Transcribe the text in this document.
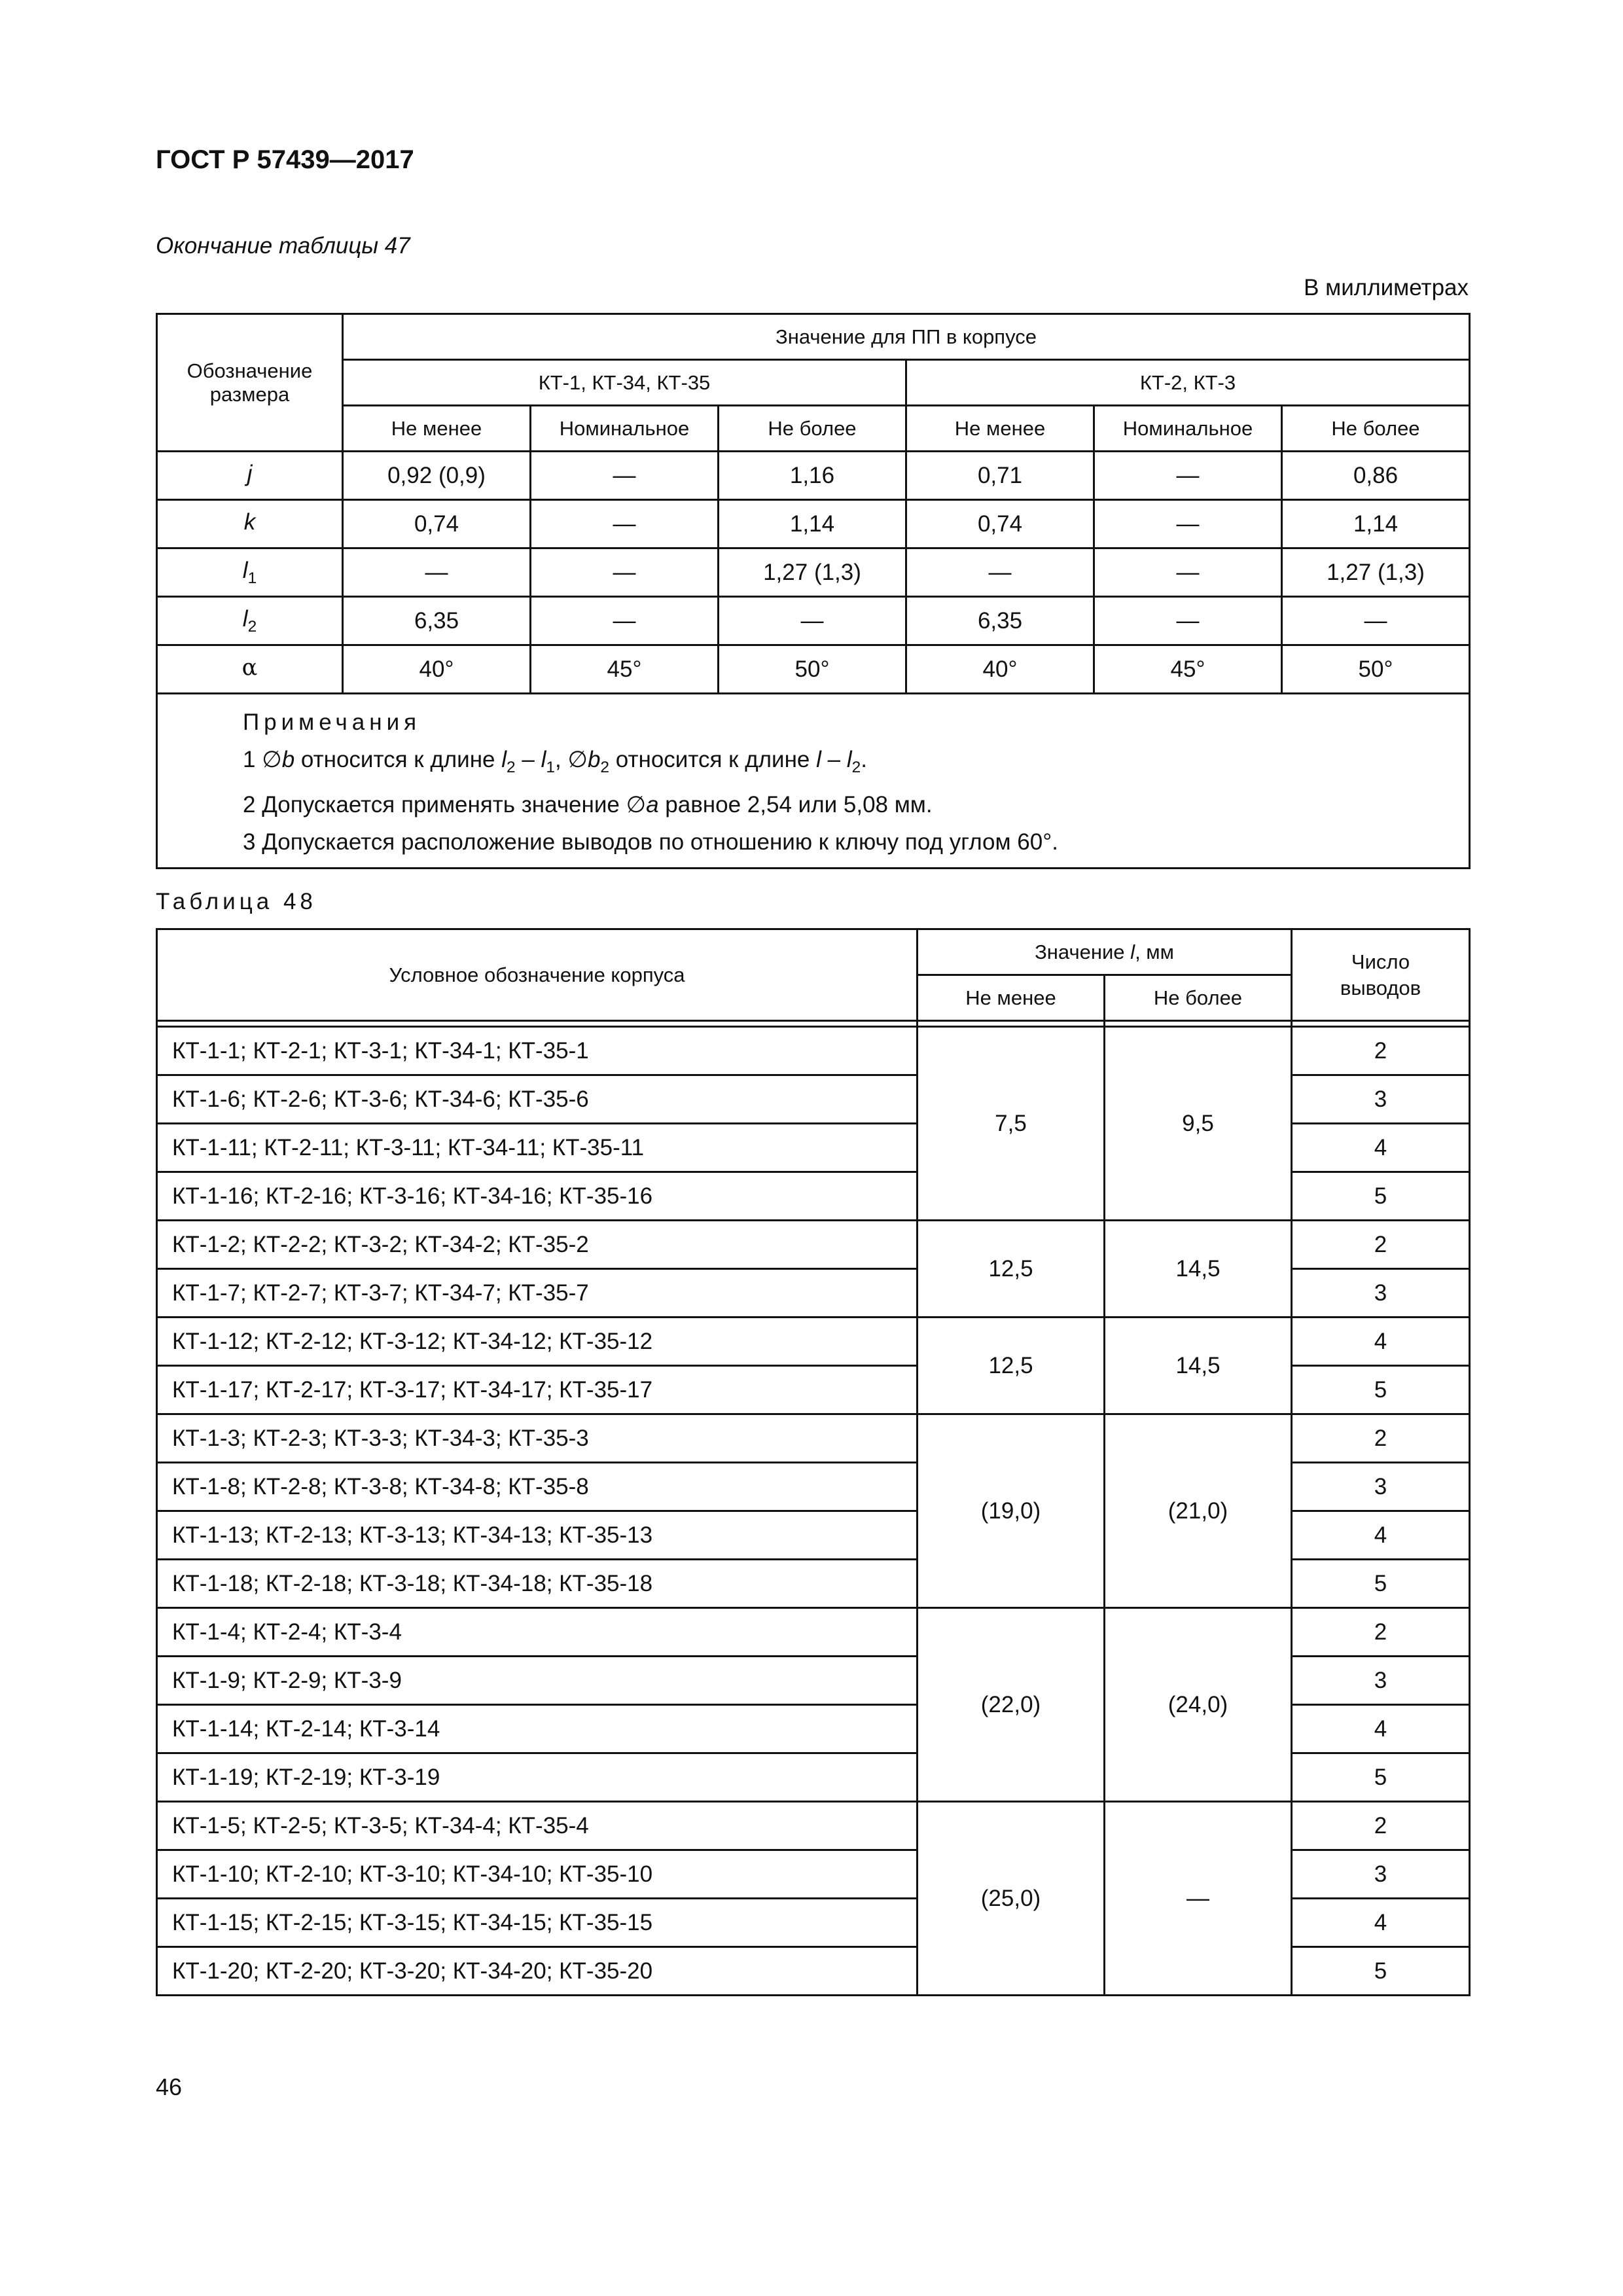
ГОСТ Р 57439—2017
Окончание таблицы 47
В миллиметрах
Обозначение размера	Значение для ПП в корпусе					
	КТ-1, КТ-34, КТ-35			КТ-2, КТ-3		
	Не менее	Номинальное	Не более	Не менее	Номинальное	Не более
j	0,92 (0,9)	—	1,16	0,71	—	0,86
k	0,74	—	1,14	0,74	—	1,14
$l_1$	—	—	1,27 (1,3)	—	—	1,27 (1,3)
$l_2$	6,35	—	—	6,35	—	—
α	40°	45°	50°	40°	45°	50°

Примечания
1 ∅b относится к длине $l_2 - l_1$, $\emptyset b_2$ относится к длине l – $l_2$.
2 Допускается применять значение ∅a равное 2,54 или 5,08 мм.
3 Допускается расположение выводов по отношению к ключу под углом 60°.						
Таблица 48
Условное обозначение корпуса	Значение l, мм		Число выводов
	Не менее	Не более	

КТ-1-1; КТ-2-1; КТ-3-1; КТ-34-1; КТ-35-1	7,5	9,5	2
КТ-1-6; КТ-2-6; КТ-3-6; КТ-34-6; КТ-35-6			3
КТ-1-11; КТ-2-11; КТ-3-11; КТ-34-11; КТ-35-11			4
КТ-1-16; КТ-2-16; КТ-3-16; КТ-34-16; КТ-35-16			5
КТ-1-2; КТ-2-2; КТ-3-2; КТ-34-2; КТ-35-2	12,5	14,5	2
КТ-1-7; КТ-2-7; КТ-3-7; КТ-34-7; КТ-35-7			3
КТ-1-12; КТ-2-12; КТ-3-12; КТ-34-12; КТ-35-12	12,5	14,5	4
КТ-1-17; КТ-2-17; КТ-3-17; КТ-34-17; КТ-35-17			5
КТ-1-3; КТ-2-3; КТ-3-3; КТ-34-3; КТ-35-3	(19,0)	(21,0)	2
КТ-1-8; КТ-2-8; КТ-3-8; КТ-34-8; КТ-35-8			3
КТ-1-13; КТ-2-13; КТ-3-13; КТ-34-13; КТ-35-13			4
КТ-1-18; КТ-2-18; КТ-3-18; КТ-34-18; КТ-35-18			5
КТ-1-4; КТ-2-4; КТ-3-4	(22,0)	(24,0)	2
КТ-1-9; КТ-2-9; КТ-3-9			3
КТ-1-14; КТ-2-14; КТ-3-14			4
КТ-1-19; КТ-2-19; КТ-3-19			5
КТ-1-5; КТ-2-5; КТ-3-5; КТ-34-4; КТ-35-4	(25,0)	—	2
КТ-1-10; КТ-2-10; КТ-3-10; КТ-34-10; КТ-35-10			3
КТ-1-15; КТ-2-15; КТ-3-15; КТ-34-15; КТ-35-15			4
КТ-1-20; КТ-2-20; КТ-3-20; КТ-34-20; КТ-35-20			5
46
